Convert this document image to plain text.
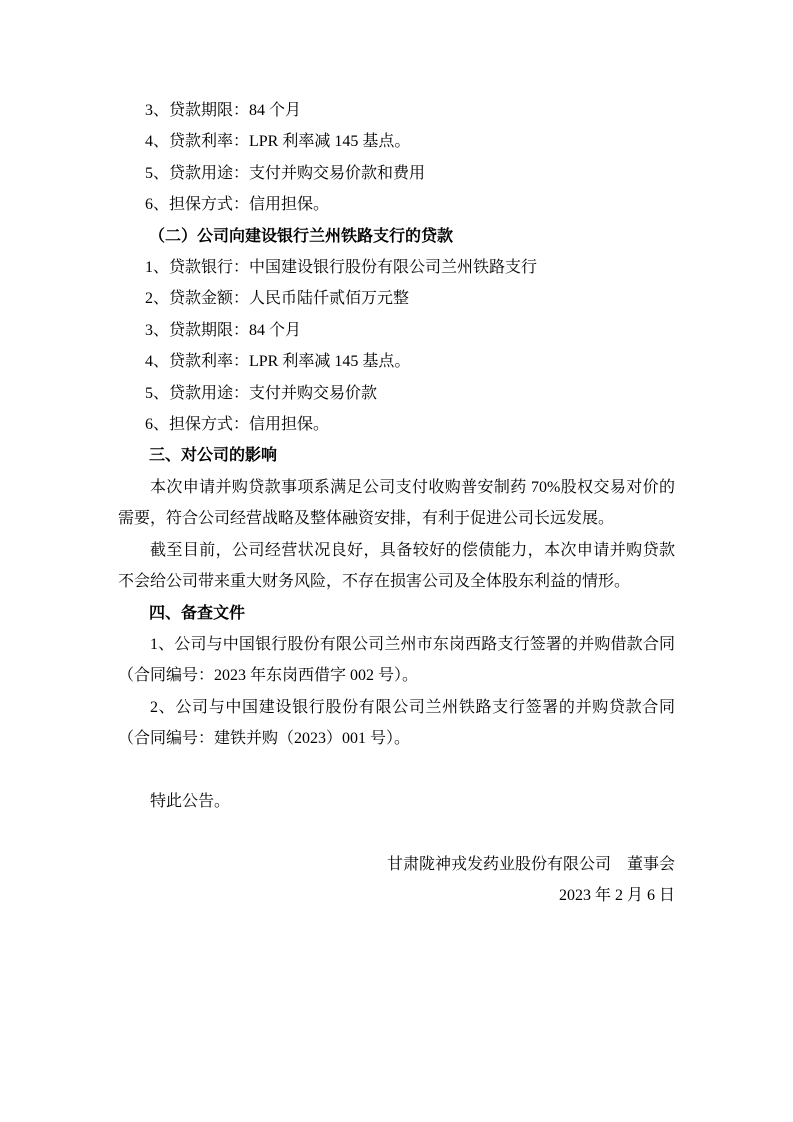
3、贷款期限：84 个月

4、贷款利率：LPR 利率减 145 基点。

5、贷款用途：支付并购交易价款和费用

6、担保方式：信用担保。

（二）公司向建设银行兰州铁路支行的贷款

1、贷款银行：中国建设银行股份有限公司兰州铁路支行

2、贷款金额：人民币陆仟贰佰万元整

3、贷款期限：84 个月

4、贷款利率：LPR 利率减 145 基点。

5、贷款用途：支付并购交易价款

6、担保方式：信用担保。

三、对公司的影响

本次申请并购贷款事项系满足公司支付收购普安制药 70%股权交易对价的需要，符合公司经营战略及整体融资安排，有利于促进公司长远发展。

截至目前，公司经营状况良好，具备较好的偿债能力，本次申请并购贷款不会给公司带来重大财务风险，不存在损害公司及全体股东利益的情形。

四、备查文件

1、公司与中国银行股份有限公司兰州市东岗西路支行签署的并购借款合同（合同编号：2023 年东岗西借字 002 号）。

2、公司与中国建设银行股份有限公司兰州铁路支行签署的并购贷款合同（合同编号：建铁并购（2023）001 号）。

特此公告。

甘肃陇神戎发药业股份有限公司　董事会

2023 年 2 月 6 日
